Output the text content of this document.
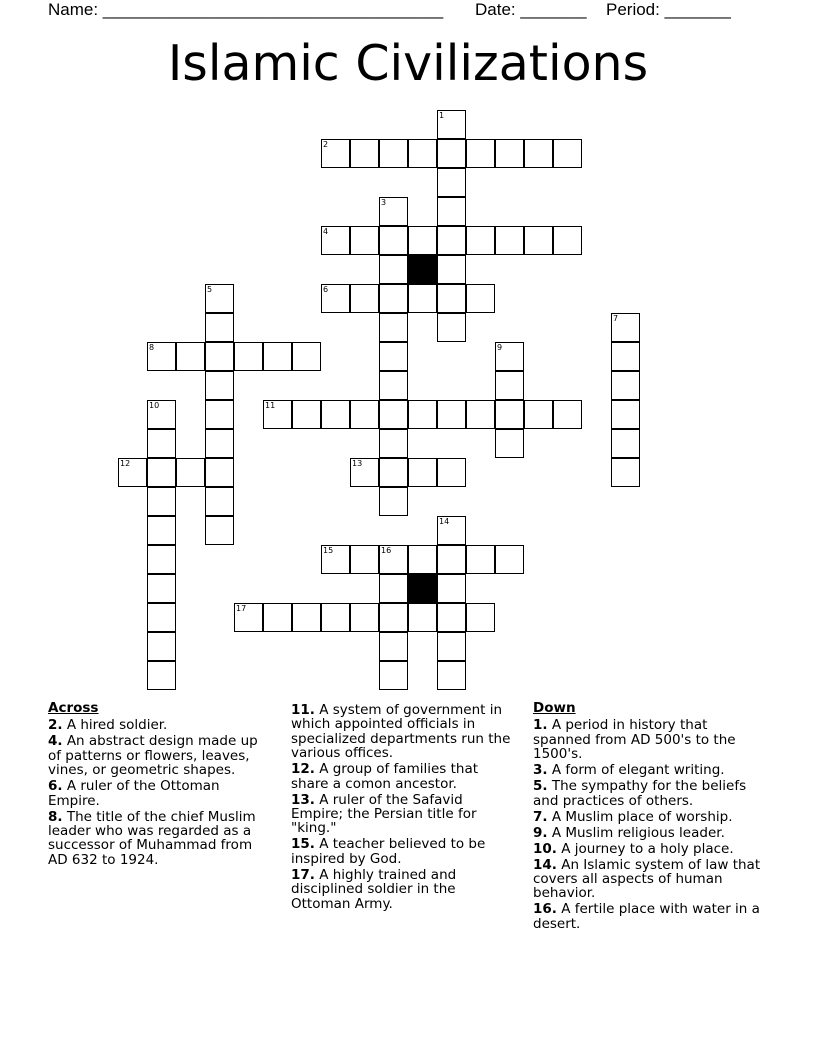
Name: ____________________________________ Date: _______ Period: _______
Islamic Civilizations
1
2
3
4
5	6
7
8	9
10	11
12	13
14
15	16
17
Across
2. A hired soldier.
4. An abstract design made up of patterns or flowers, leaves, vines, or geometric shapes.
6. A ruler of the Ottoman Empire.
8. The title of the chief Muslim leader who was regarded as a successor of Muhammad from AD 632 to 1924.
11. A system of government in which appointed officials in specialized departments run the various offices.
12. A group of families that share a comon ancestor.
13. A ruler of the Safavid Empire; the Persian title for "king."
15. A teacher believed to be inspired by God.
17. A highly trained and disciplined soldier in the Ottoman Army.
Down
1. A period in history that spanned from AD 500's to the 1500's.
3. A form of elegant writing.
5. The sympathy for the beliefs and practices of others.
7. A Muslim place of worship.
9. A Muslim religious leader.
10. A journey to a holy place.
14. An Islamic system of law that covers all aspects of human behavior.
16. A fertile place with water in a desert.
